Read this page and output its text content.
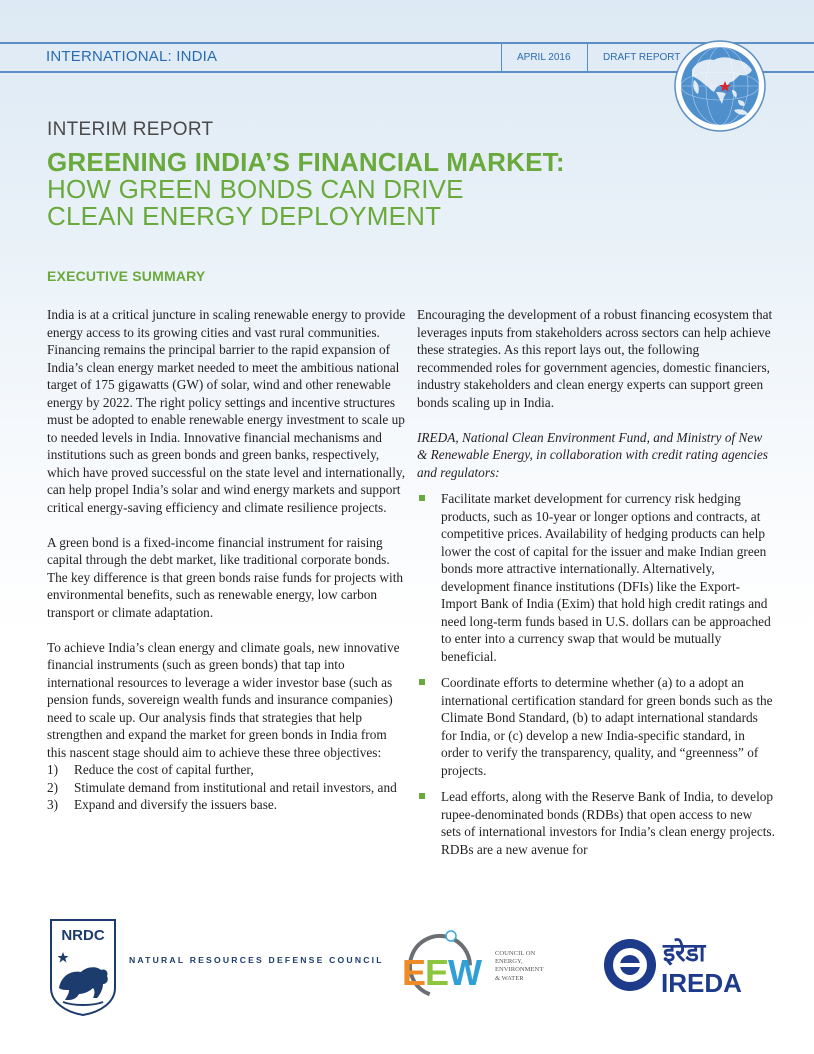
INTERNATIONAL: INDIA	APRIL 2016	DRAFT REPORT
INTERIM REPORT
GREENING INDIA’S FINANCIAL MARKET:
HOW GREEN BONDS CAN DRIVE
CLEAN ENERGY DEPLOYMENT
EXECUTIVE SUMMARY

India is at a critical juncture in scaling renewable energy to provide energy access to its growing cities and vast rural communities. Financing remains the principal barrier to the rapid expansion of India’s clean energy market needed to meet the ambitious national target of 175 gigawatts (GW) of solar, wind and other renewable energy by 2022. The right policy settings and incentive structures must be adopted to enable renewable energy investment to scale up to needed levels in India. Innovative financial mechanisms and institutions such as green bonds and green banks, respectively, which have proved successful on the state level and internationally, can help propel India’s solar and wind energy markets and support critical energy-saving efficiency and climate resilience projects.

A green bond is a fixed-income financial instrument for raising capital through the debt market, like traditional corporate bonds. The key difference is that green bonds raise funds for projects with environmental benefits, such as renewable energy, low carbon transport or climate adaptation.

To achieve India’s clean energy and climate goals, new innovative financial instruments (such as green bonds) that tap into international resources to leverage a wider investor base (such as pension funds, sovereign wealth funds and insurance companies) need to scale up. Our analysis finds that strategies that help strengthen and expand the market for green bonds in India from this nascent stage should aim to achieve these three objectives:

1) Reduce the cost of capital further,
2) Stimulate demand from institutional and retail investors, and
3) Expand and diversify the issuers base.

Encouraging the development of a robust financing ecosystem that leverages inputs from stakeholders across sectors can help achieve these strategies. As this report lays out, the following recommended roles for government agencies, domestic financiers, industry stakeholders and clean energy experts can support green bonds scaling up in India.

IREDA, National Clean Environment Fund, and Ministry of New & Renewable Energy, in collaboration with credit rating agencies and regulators:

Facilitate market development for currency risk hedging products, such as 10-year or longer options and contracts, at competitive prices. Availability of hedging products can help lower the cost of capital for the issuer and make Indian green bonds more attractive internationally. Alternatively, development finance institutions (DFIs) like the Export-Import Bank of India (Exim) that hold high credit ratings and need long-term funds based in U.S. dollars can be approached to enter into a currency swap that would be mutually beneficial.
Coordinate efforts to determine whether (a) to a adopt an international certification standard for green bonds such as the Climate Bond Standard, (b) to adapt international standards for India, or (c) develop a new India-specific standard, in order to verify the transparency, quality, and “greenness” of projects.
Lead efforts, along with the Reserve Bank of India, to develop rupee-denominated bonds (RDBs) that open access to new sets of international investors for India’s clean energy projects. RDBs are a new avenue for
NRDC
NATURAL RESOURCES DEFENSE COUNCIL E
E
W COUNCIL ON
ENERGY,
ENVIRONMENT
& WATER
इरेडा
IREDA
